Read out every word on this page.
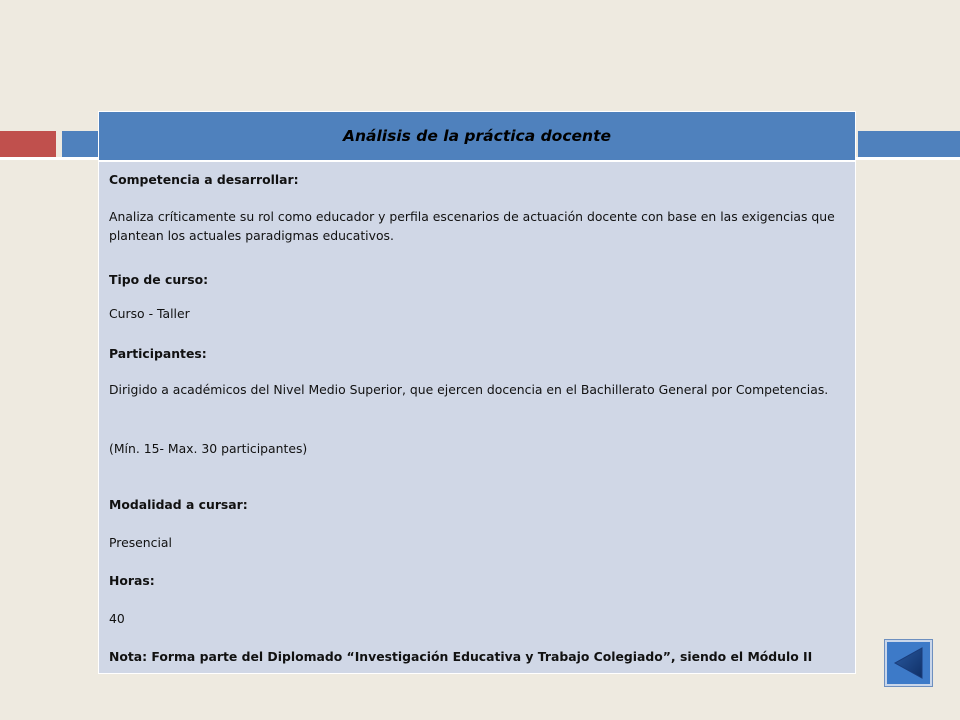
Análisis de la práctica docente

Competencia a desarrollar:

Analiza críticamente su rol como educador y perfila escenarios de actuación docente con base en las exigencias que plantean los actuales paradigmas educativos.

Tipo de curso:

Curso - Taller

Participantes:

Dirigido a académicos del Nivel Medio Superior, que ejercen docencia en el Bachillerato General por Competencias.

(Mín. 15- Max. 30 participantes)

Modalidad a cursar:

Presencial

Horas:

40

Nota: Forma parte del Diplomado “Investigación Educativa y Trabajo Colegiado”, siendo el Módulo II
